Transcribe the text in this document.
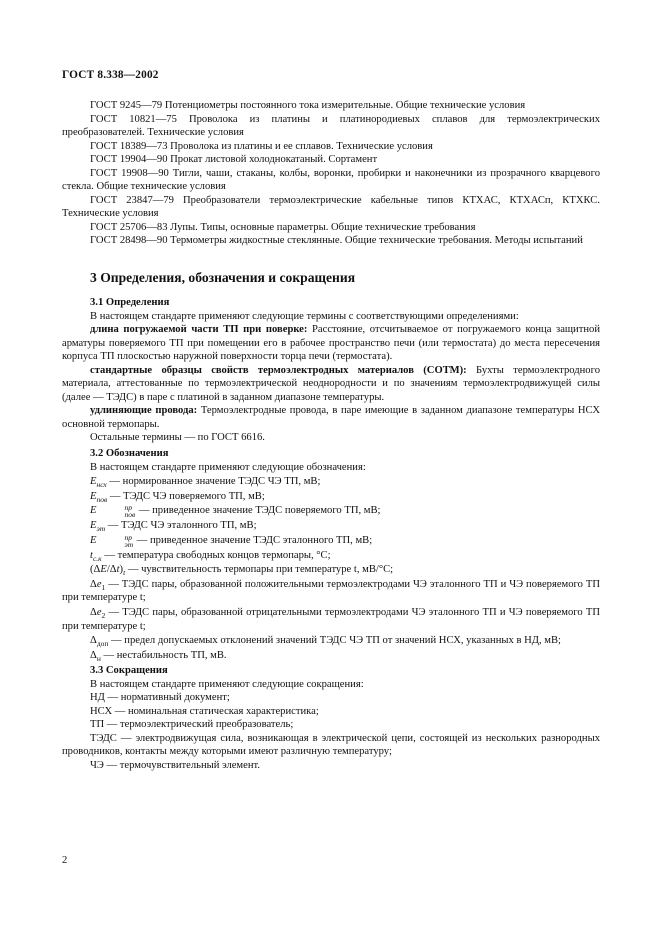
ГОСТ 8.338—2002

ГОСТ 9245—79 Потенциометры постоянного тока измерительные. Общие технические условия

ГОСТ 10821—75 Проволока из платины и платинородиевых сплавов для термоэлектрических преобразователей. Технические условия

ГОСТ 18389—73 Проволока из платины и ее сплавов. Технические условия

ГОСТ 19904—90 Прокат листовой холоднокатаный. Сортамент

ГОСТ 19908—90 Тигли, чаши, стаканы, колбы, воронки, пробирки и наконечники из прозрачного кварцевого стекла. Общие технические условия

ГОСТ 23847—79 Преобразователи термоэлектрические кабельные типов КТХАС, КТХАСп, КТХКС. Технические условия

ГОСТ 25706—83 Лупы. Типы, основные параметры. Общие технические требования

ГОСТ 28498—90 Термометры жидкостные стеклянные. Общие технические требования. Методы испытаний

3 Определения, обозначения и сокращения

3.1 Определения

В настоящем стандарте применяют следующие термины с соответствующими определениями:

длина погружаемой части ТП при поверке: Расстояние, отсчитываемое от погружаемого конца защитной арматуры поверяемого ТП при помещении его в рабочее пространство печи (или термостата) до места пересечения корпуса ТП плоскостью наружной поверхности торца печи (термостата).

стандартные образцы свойств термоэлектродных материалов (СОТМ): Бухты термоэлектродного материала, аттестованные по термоэлектрической неоднородности и по значениям термоэлектродвижущей силы (далее — ТЭДС) в паре с платиной в заданном диапазоне температуры.

удлиняющие провода: Термоэлектродные провода, в паре имеющие в заданном диапазоне температуры НСХ основной термопары.

Остальные термины — по ГОСТ 6616.

3.2 Обозначения

В настоящем стандарте применяют следующие обозначения:

$E_{нсх}$ — нормированное значение ТЭДС ЧЭ ТП, мВ;

$E_{пов}$ — ТЭДС ЧЭ поверяемого ТП, мВ;

E	пр
пов — приведенное значение ТЭДС поверяемого ТП, мВ;

$E_{эт}$ — ТЭДС ЧЭ эталонного ТП, мВ;

E	пр
эт — приведенное значение ТЭДС эталонного ТП, мВ;

$t_{с.к}$ — температура свободных концов термопары, °С;

$(\Delta E/\Delta t)_t$ — чувствительность термопары при температуре t, мВ/°С;

$\Delta e_1$ — ТЭДС пары, образованной положительными термоэлектродами ЧЭ эталонного ТП и ЧЭ поверяемого ТП при температуре t;

$\Delta e_2$ — ТЭДС пары, образованной отрицательными термоэлектродами ЧЭ эталонного ТП и ЧЭ поверяемого ТП при температуре t;

$\Delta_{доп}$ — предел допускаемых отклонений значений ТЭДС ЧЭ ТП от значений НСХ, указанных в НД, мВ;

$\Delta_н$ — нестабильность ТП, мВ.

3.3 Сокращения

В настоящем стандарте применяют следующие сокращения:

НД — нормативный документ;

НСХ — номинальная статическая характеристика;

ТП — термоэлектрический преобразователь;

ТЭДС — электродвижущая сила, возникающая в электрической цепи, состоящей из нескольких разнородных проводников, контакты между которыми имеют различную температуру;

ЧЭ — термочувствительный элемент.

2
